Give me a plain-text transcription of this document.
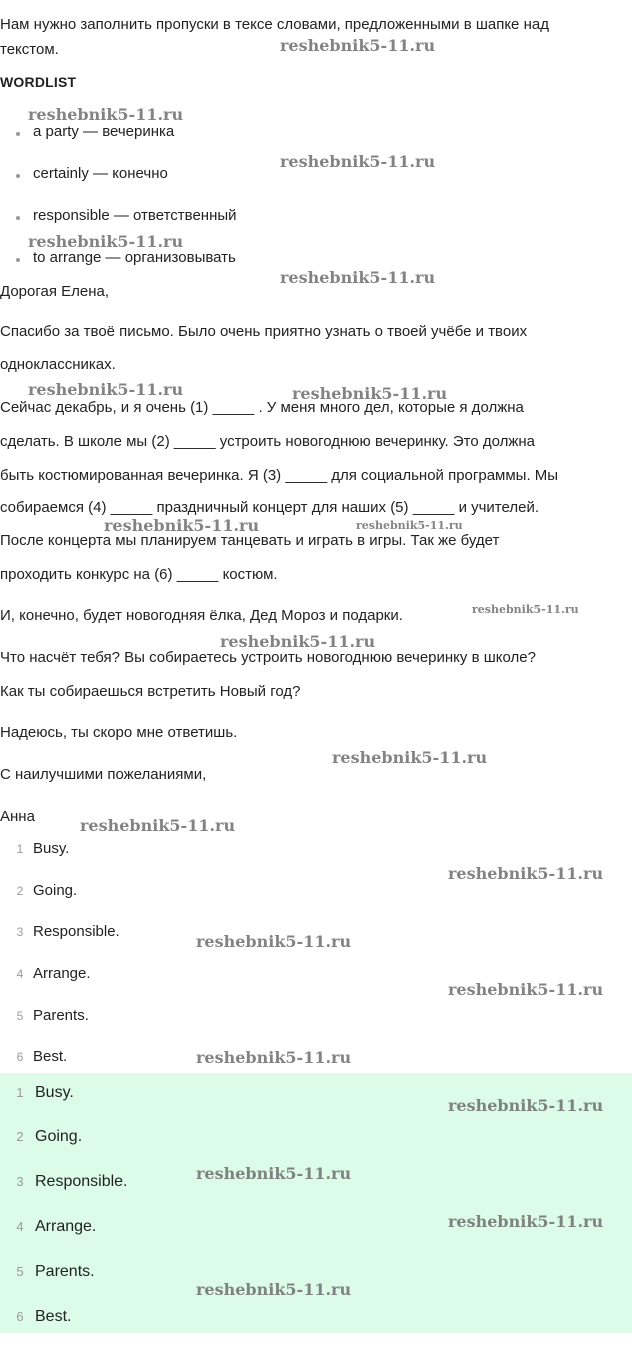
Нам нужно заполнить пропуски в тексе словами, предложенными в шапке над
текстом.
WORDLIST
a party — вечеринка
certainly — конечно
responsible — ответственный
to arrange — организовывать
Дорогая Елена,
Спасибо за твоё письмо. Было очень приятно узнать о твоей учёбе и твоих
одноклассниках.
Сейчас декабрь, и я очень (1) _____ . У меня много дел, которые я должна
сделать. В школе мы (2) _____ устроить новогоднюю вечеринку. Это должна
быть костюмированная вечеринка. Я (3) _____ для социальной программы. Мы
собираемся (4) _____ праздничный концерт для наших (5) _____ и учителей.
После концерта мы планируем танцевать и играть в игры. Так же будет
проходить конкурс на (6) _____ костюм.
И, конечно, будет новогодняя ёлка, Дед Мороз и подарки.
Что насчёт тебя? Вы собираетесь устроить новогоднюю вечеринку в школе?
Как ты собираешься встретить Новый год?
Надеюсь, ты скоро мне ответишь.
С наилучшими пожеланиями,
Анна
1 Busy.
2 Going.
3 Responsible.
4 Arrange.
5 Parents.
6 Best.
1 Busy.
2 Going.
3 Responsible.
4 Arrange.
5 Parents.
6 Best.
reshebnik5-11.ru
reshebnik5-11.ru
reshebnik5-11.ru
reshebnik5-11.ru
reshebnik5-11.ru
reshebnik5-11.ru	reshebnik5-11.ru
reshebnik5-11.ru	reshebnik5-11.ru
reshebnik5-11.ru
reshebnik5-11.ru
reshebnik5-11.ru
reshebnik5-11.ru
reshebnik5-11.ru
reshebnik5-11.ru
reshebnik5-11.ru
reshebnik5-11.ru
reshebnik5-11.ru
reshebnik5-11.ru
reshebnik5-11.ru
reshebnik5-11.ru
